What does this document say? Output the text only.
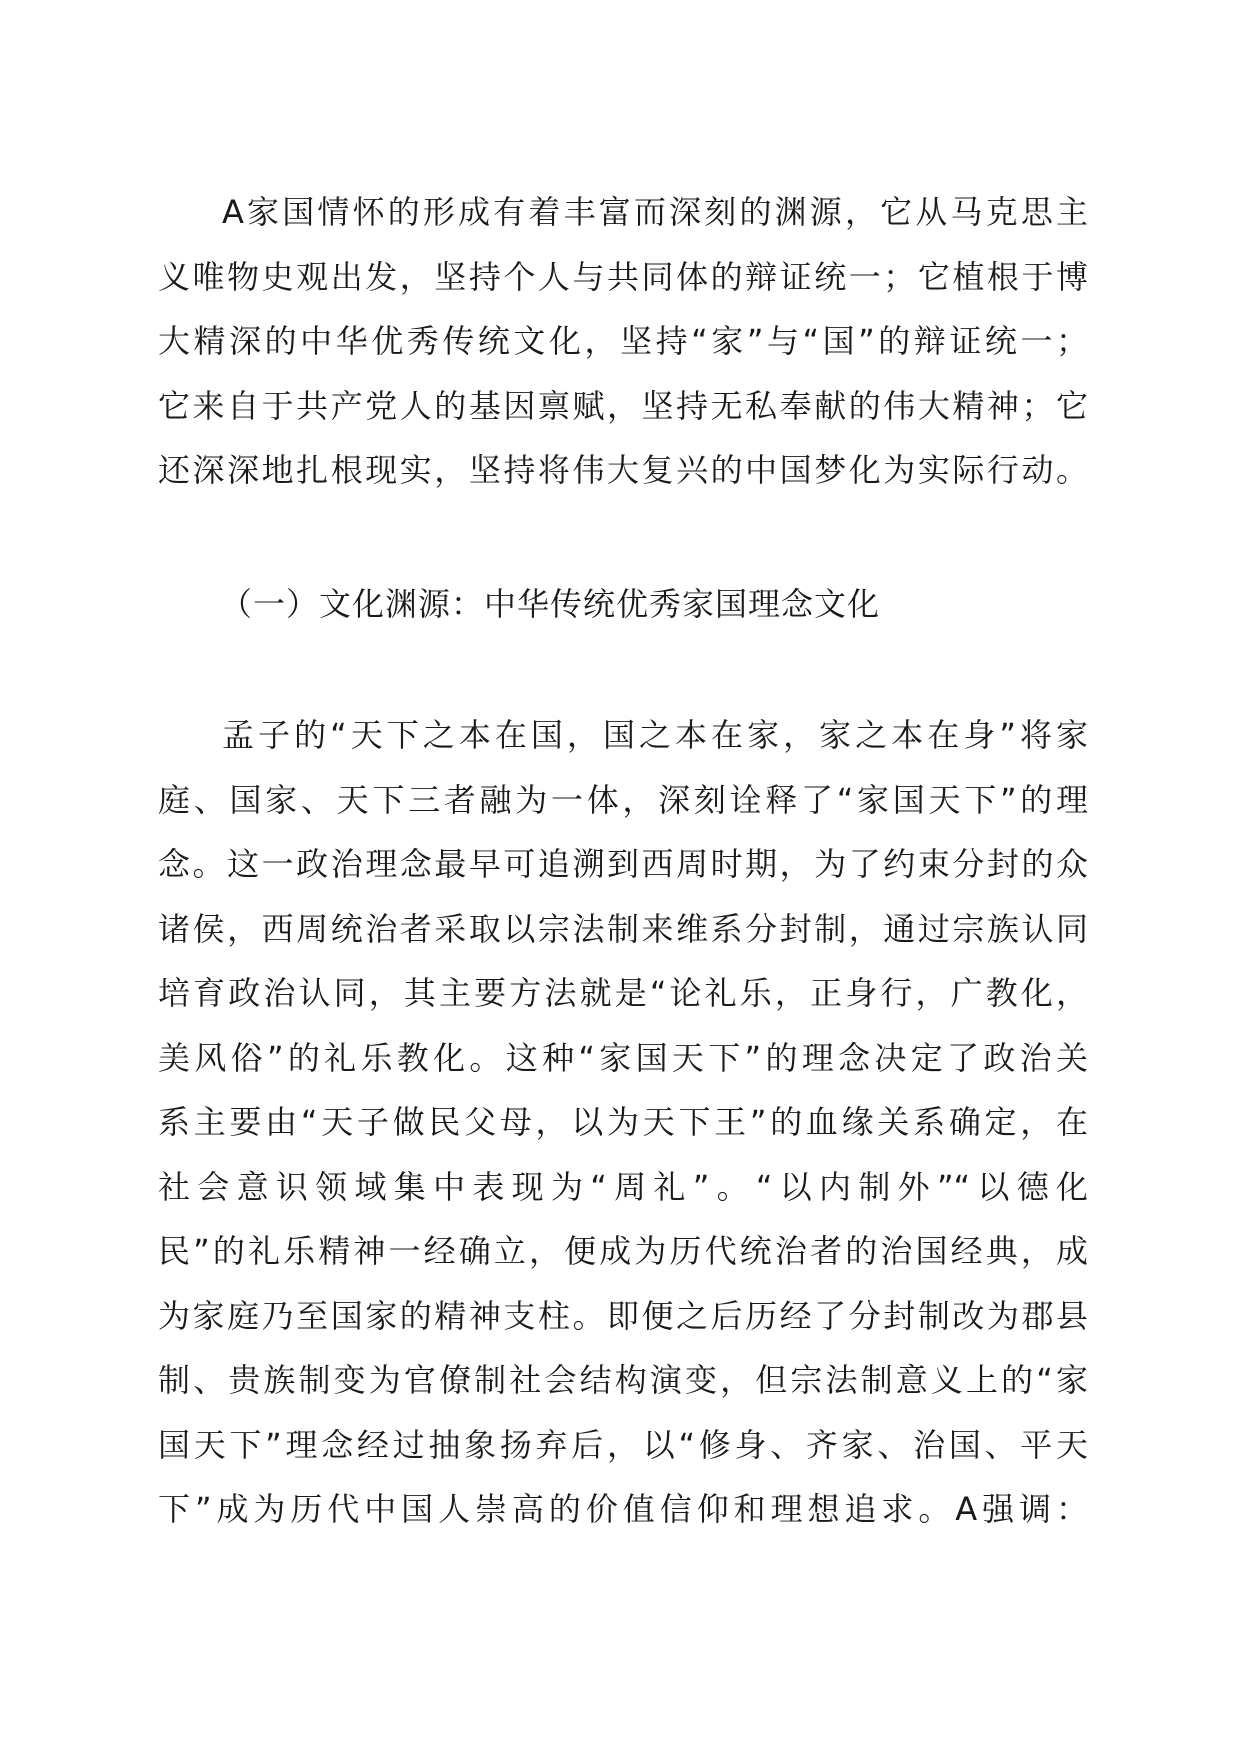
A家国情怀的形成有着丰富而深刻的渊源，它从马克思主
义唯物史观出发，坚持个人与共同体的辩证统一；它植根于博
大精深的中华优秀传统文化，坚持“家”与“国”的辩证统一；
它来自于共产党人的基因禀赋，坚持无私奉献的伟大精神；它
还深深地扎根现实，坚持将伟大复兴的中国梦化为实际行动。
（一）文化渊源：中华传统优秀家国理念文化
孟子的“天下之本在国，国之本在家，家之本在身”将家
庭、国家、天下三者融为一体，深刻诠释了“家国天下”的理
念。这一政治理念最早可追溯到西周时期，为了约束分封的众
诸侯，西周统治者采取以宗法制来维系分封制，通过宗族认同
培育政治认同，其主要方法就是“论礼乐，正身行，广教化，
美风俗”的礼乐教化。这种“家国天下”的理念决定了政治关
系主要由“天子做民父母，以为天下王”的血缘关系确定，在
社会意识领域集中表现为“周礼”。“以内制外”“以德化
民”的礼乐精神一经确立，便成为历代统治者的治国经典，成
为家庭乃至国家的精神支柱。即便之后历经了分封制改为郡县
制、贵族制变为官僚制社会结构演变，但宗法制意义上的“家
国天下”理念经过抽象扬弃后，以“修身、齐家、治国、平天
下”成为历代中国人崇高的价值信仰和理想追求。A强调：
